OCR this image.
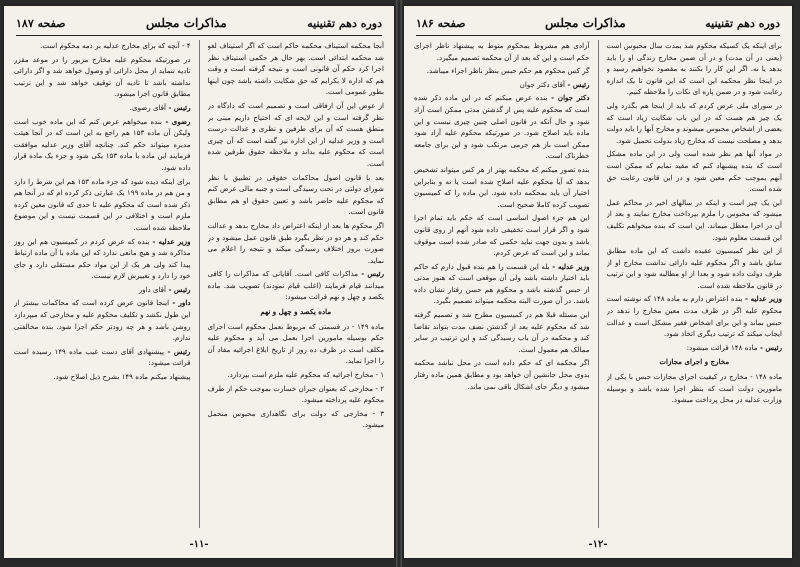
دوره دهم تقنینیه
مذاکرات مجلس
صفحه ۱۸۷

آنجا محکمه استیناف محکمه حاکم است که اگر استیناف لغو شد محکمه ابتدائی است. بهر حال هر حکمی استیناف نظر اجرا کرد حکم آن قانونی است و نتیجه گرفته است و وقت هم که اداره لا بکرایم که حق شکایت داشته باشد چون اینها بطور عمومی است.

از عوض این آن ارفاقی است و تصمیم است که دادگاه در نظر گرفته است و این لایحه ای که احتیاج داریم مبنی بر منطق هست که آن برای طرفین و نظری و عدالت درست است و وزیر عدلیه از این اداره نیز گفته است که آن چیزی است که محکوم علیه بداند و ملاحظه حقوق طرفین شده است.

بعد با قانون اصول محاکمات حقوقی در تطبیق با نظر شورای دولتی در تحت رسیدگی است و جنبه مالی عرض کنم که محکوم علیه حاضر باشد و تعیین حقوق او هم مطابق قانون است.

اگر محکوم ها بعد از اینکه اعتراض داد مخارج بدهد و عدالت حکم کند و هر دو در نظر بگیرد طبق قانون عمل میشود و در صورت بروز اختلاف رسیدگی میکند و نتیجه را اعلام می نماید.

رئیس - مذاکرات کافی است. آقایانی که مذاکرات را کافی میدانند قیام فرمایند (اغلب قیام نمودند) تصویب شد. ماده یکصد و چهل و نهم قرائت میشود:

ماده یکصد و چهل و نهم

ماده ۱۴۹ - در قسمتی که مربوط بعمل محکوم است اجرای حکم بوسیله مامورین اجرا بعمل می آید و محکوم علیه مکلف است در ظرف ده روز از تاریخ ابلاغ اجرائیه مفاد آن را اجرا نماید.

۱ - مخارج اجرائیه که محکوم علیه ملزم است بپردازد.

۲ - مخارجی که بعنوان جبران خسارت بموجب حکم از طرف محکوم علیه پرداخته میشود.

۳ - مخارجی که دولت برای نگاهداری محبوس متحمل میشود.

۴ - آنچه که برای مخارج عدلیه بر ذمه محکوم است.

در صورتیکه محکوم علیه مخارج مزبور را در موعد مقرر تادیه ننماید از محل دارائی او وصول خواهد شد و اگر دارائی نداشته باشد تا تادیه آن توقیف خواهد شد و این ترتیب مطابق قانون اجرا میشود.

رئیس - آقای رضوی.

رضوی - بنده میخواهم عرض کنم که این ماده خوب است ولیکن آن ماده ۱۵۳ هم راجع به این است که در آنجا هیئت مدیره میتواند حکم کند. چنانچه آقای وزیر عدلیه موافقت فرمایند این ماده با ماده ۱۵۳ یکی شود و جزء یک ماده قرار داده شود.

برای اینکه دیده شود که جزء ماده ۱۵۳ هم این شرط را دارد و من هم در ماده ۱۹۹ یک عبارتی ذکر کرده ام که در آنجا هم ذکر شده است که محکوم علیه تا حدی که قانون معین کرده ملزم است و اختلافی در این قسمت نیست و این موضوع ملاحظه شده است.

وزیر عدلیه - بنده که عرض کردم در کمیسیون هم این روز مذاکره شد و هیچ مانعی ندارد که این ماده با آن ماده ارتباط پیدا کند ولی هر یک از این مواد حکم مستقلی دارد و جای خود را دارد و تغییرش لازم نیست.

رئیس - آقای داور

داور - اینجا قانون عرض کرده است که محاکمات بیشتر از این طول نکشد و تکلیف محکوم علیه و مخارجی که میپردازد روشن باشد و هر چه زودتر حکم اجرا شود. بنده مخالفتی ندارم.

رئیس - پیشنهادی آقای دست غیب ماده ۱۴۹ رسیده است قرائت میشود:

پیشنهاد میکنم ماده ۱۴۹ بشرح ذیل اصلاح شود.

-۱۱-
دوره دهم تقنینیه
مذاکرات مجلس
صفحه ۱۸۶

برای اینکه یک کسیکه محکوم شد بمدت سال محبوس است (یعنی در آن مدت) و در آن ضمن مخارج زندگی او را باید بدهد یا نه. اگر این کار را بکنند به مقصود نخواهیم رسید و در اینجا نظر محکمه این است که این قانون تا یک اندازه رعایت شود و در ضمن پاره ای نکات را ملاحظه کنیم.

در سورای ملی عرض کردم که باید از اینجا هم بگذرد ولی یک چیز هم هست که در این باب شکایت زیاد است که بعضی از اشخاص محبوس میشوند و مخارج آنها را باید دولت بدهد و مصلحت نیست که مخارج زیاد بدولت تحمیل شود.

در مواد آنها هم نظر شده است ولی در این ماده مشکل است که بنده پیشنهاد کنم که مقید نمایم که ممکن است آنهم بموجب حکم معین شود و در این قانون رعایت حق شده است.

این یک چیز است و اینکه در سالهای اخیر در محاکم عمل میشود که محبوس را ملزم بپرداخت مخارج نمایند و بعد از آن در اجرا معطل میماند. این است که بنده میخواهم تکلیف این قسمت معلوم شود.

از این نظر کمیسیون عقیده داشت که این ماده مطابق سابق باشد و اگر محکوم علیه دارائی نداشت مخارج او از طرف دولت داده شود و بعدا از او مطالبه شود و این ترتیب در قانون ملاحظه شده است.

وزیر عدلیه - بنده اعتراض دارم به ماده ۱۴۸ که نوشته است محکوم علیه اگر در ظرف مدت معین مخارج را ندهد در حبس بماند و این برای اشخاص فقیر مشکل است و عدالت ایجاب میکند که ترتیب دیگری اتخاذ شود.

رئیس - ماده ۱۴۸ قرائت میشود:

مخارج و اجرای مجازات

ماده ۱۴۸ - مخارج در کیفیت اجرای مجازات حبس با یکی از مامورین دولت است که بنظر اجرا شده باشد و بوسیله وزارت عدلیه در محل پرداخت میشود.

آزادی هم مشروط بمحکوم متوط به پیشنهاد ناظر اجرای حکم است و این که بعد از آن محکمه تصمیم میگیرد.

گر کس محکوم هم حکم حبس بنظر ناظر اجراء میباشد.

رئیس - آقای دکتر جوان

دکتر جوان - بنده عرض میکنم که در این ماده ذکر شده است که محکوم علیه پس از گذشتن مدتی ممکن است آزاد شود و حال آنکه در قانون اصلی چنین چیزی نیست و این ماده باید اصلاح شود. در صورتیکه محکوم علیه آزاد شود ممکن است باز هم جرمی مرتکب شود و این برای جامعه خطرناک است.

بنده تصور میکنم که محکمه بهتر از هر کس میتواند تشخیص بدهد که آیا محکوم علیه اصلاح شده است یا نه و بنابراین اختیار آن باید بمحکمه داده شود. این ماده را که کمیسیون تصویب کرده کاملا صحیح است.

این هم جزء اصول اساسی است که حکم باید تمام اجرا شود و اگر قرار است تخفیفی داده شود آنهم از روی قانون باشد و بدون جهت نباید حکمی که صادر شده است موقوف بماند و این است که عرض کردم.

وزیر عدلیه - بله این قسمت را هم بنده قبول دارم که حاکم باید اختیار داشته باشد ولی آن موقعی است که هنوز مدتی از حبس گذشته باشد و محکوم هم حسن رفتار نشان داده باشد. در آن صورت البته محکمه میتواند تصمیم بگیرد.

این مسئله قبلا هم در کمیسیون مطرح شد و تصمیم گرفته شد که محکوم علیه بعد از گذشتن نصف مدت بتواند تقاضا کند و محکمه در آن باب رسیدگی کند و این ترتیب در سایر ممالک هم معمول است.

اگر محکمه ای که حکم داده است در محل نباشد محکمه بدوی محل جانشین آن خواهد بود و مطابق همین ماده رفتار میشود و دیگر جای اشکال باقی نمی ماند.

-۱۲-
